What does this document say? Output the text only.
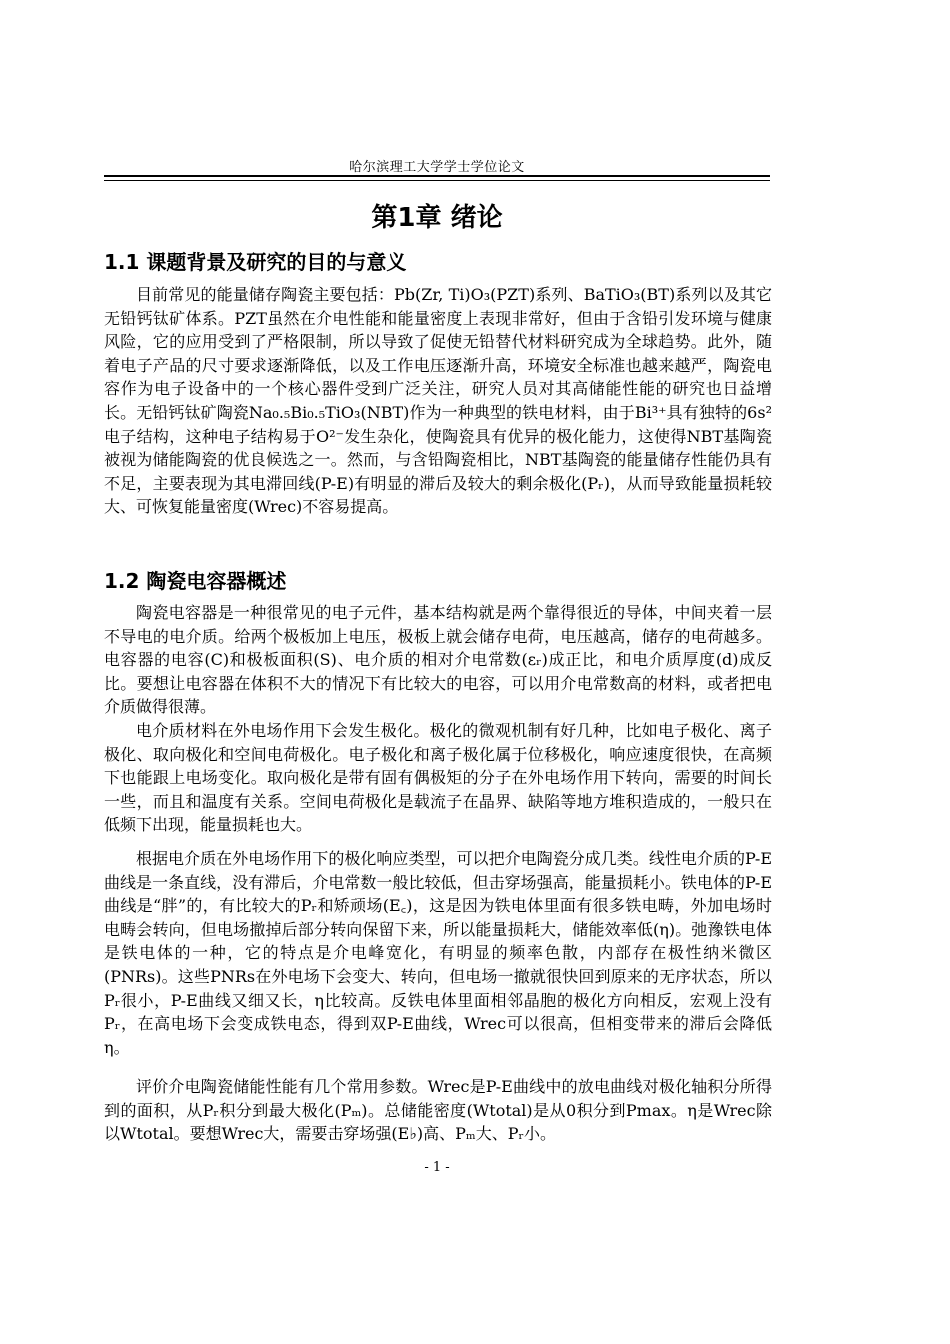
哈尔滨理工大学学士学位论文
第1章 绪论
1.1 课题背景及研究的目的与意义

目前常见的能量储存陶瓷主要包括：Pb(Zr, Ti)O₃(PZT)系列、BaTiO₃(BT)系列以及其它无铅钙钛矿体系。PZT虽然在介电性能和能量密度上表现非常好，但由于含铅引发环境与健康风险，它的应用受到了严格限制，所以导致了促使无铅替代材料研究成为全球趋势。此外，随着电子产品的尺寸要求逐渐降低，以及工作电压逐渐升高，环境安全标准也越来越严，陶瓷电容作为电子设备中的一个核心器件受到广泛关注，研究人员对其高储能性能的研究也日益增长。无铅钙钛矿陶瓷Na₀.₅Bi₀.₅TiO₃(NBT)作为一种典型的铁电材料，由于Bi³⁺具有独特的6s²电子结构，这种电子结构易于O²⁻发生杂化，使陶瓷具有优异的极化能力，这使得NBT基陶瓷被视为储能陶瓷的优良候选之一。然而，与含铅陶瓷相比，NBT基陶瓷的能量储存性能仍具有不足，主要表现为其电滞回线(P-E)有明显的滞后及较大的剩余极化(Pᵣ)，从而导致能量损耗较大、可恢复能量密度(Wrec)不容易提高。

1.2 陶瓷电容器概述

陶瓷电容器是一种很常见的电子元件，基本结构就是两个靠得很近的导体，中间夹着一层不导电的电介质。给两个极板加上电压，极板上就会储存电荷，电压越高，储存的电荷越多。电容器的电容(C)和极板面积(S)、电介质的相对介电常数(εᵣ)成正比，和电介质厚度(d)成反比。要想让电容器在体积不大的情况下有比较大的电容，可以用介电常数高的材料，或者把电介质做得很薄。

电介质材料在外电场作用下会发生极化。极化的微观机制有好几种，比如电子极化、离子极化、取向极化和空间电荷极化。电子极化和离子极化属于位移极化，响应速度很快，在高频下也能跟上电场变化。取向极化是带有固有偶极矩的分子在外电场作用下转向，需要的时间长一些，而且和温度有关系。空间电荷极化是载流子在晶界、缺陷等地方堆积造成的，一般只在低频下出现，能量损耗也大。

根据电介质在外电场作用下的极化响应类型，可以把介电陶瓷分成几类。线性电介质的P-E曲线是一条直线，没有滞后，介电常数一般比较低，但击穿场强高，能量损耗小。铁电体的P-E曲线是“胖”的，有比较大的Pᵣ和矫顽场(E꜀)，这是因为铁电体里面有很多铁电畴，外加电场时电畴会转向，但电场撤掉后部分转向保留下来，所以能量损耗大，储能效率低(η)。弛豫铁电体是铁电体的一种，它的特点是介电峰宽化，有明显的频率色散，内部存在极性纳米微区(PNRs)。这些PNRs在外电场下会变大、转向，但电场一撤就很快回到原来的无序状态，所以Pᵣ很小，P-E曲线又细又长，η比较高。反铁电体里面相邻晶胞的极化方向相反，宏观上没有Pᵣ，在高电场下会变成铁电态，得到双P-E曲线，Wrec可以很高，但相变带来的滞后会降低η。

评价介电陶瓷储能性能有几个常用参数。Wrec是P-E曲线中的放电曲线对极化轴积分所得到的面积，从Pᵣ积分到最大极化(Pₘ)。总储能密度(Wtotal)是从0积分到Pmax。η是Wrec除以Wtotal。要想Wrec大，需要击穿场强(E♭)高、Pₘ大、Pᵣ小。

- 1 -
